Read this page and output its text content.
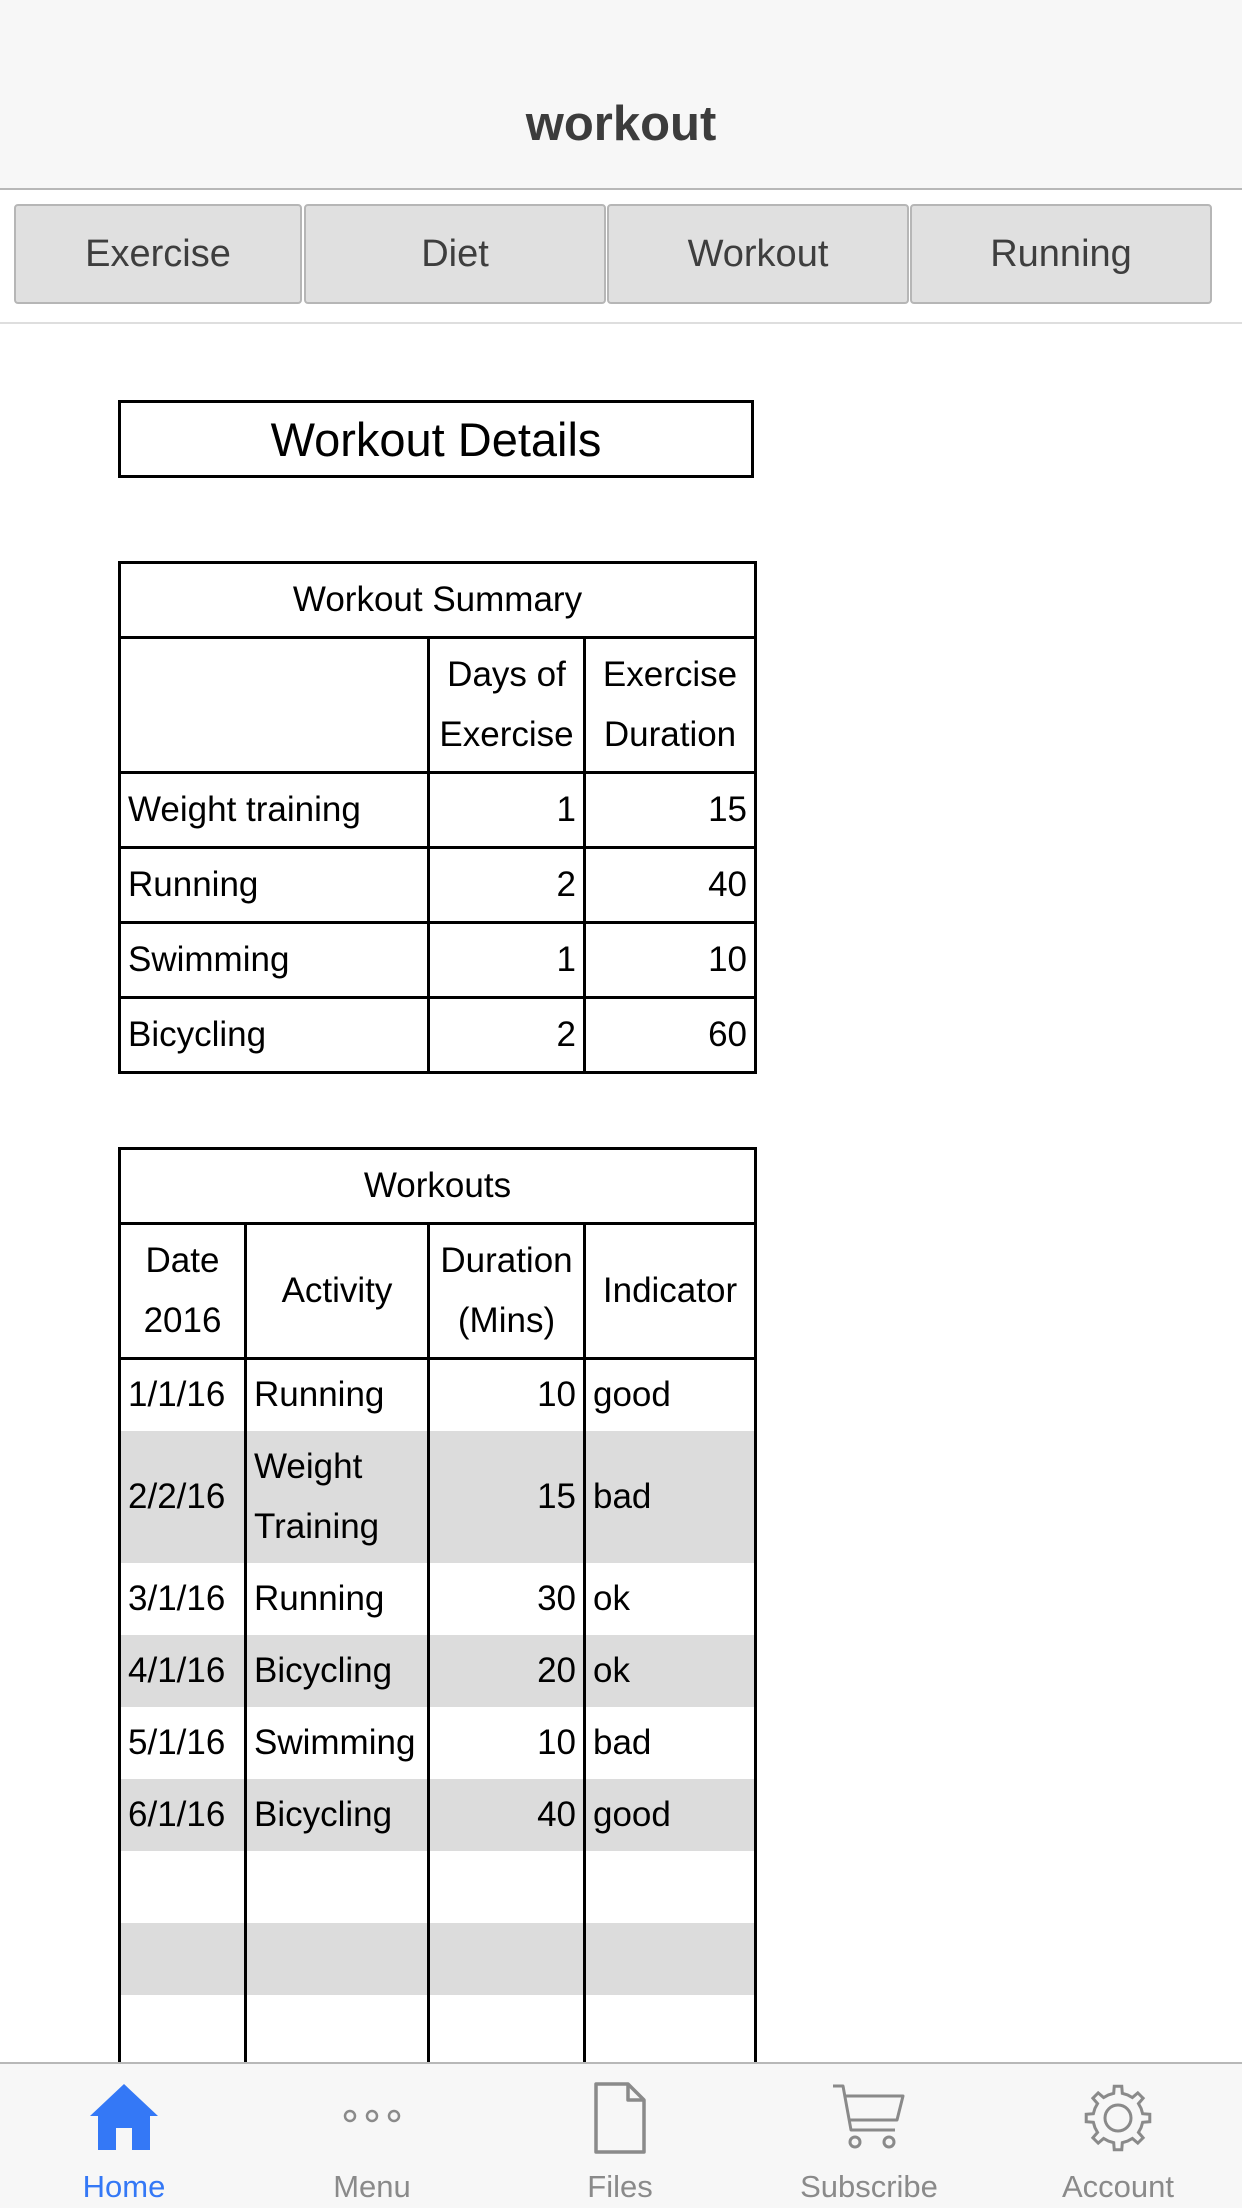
workout
Exercise	Diet	Workout	Running
Workout Details
Workout Summary		
	Days of Exercise	Exercise Duration
Weight training	1	15
Running	2	40
Swimming	1	10
Bicycling	2	60
Workouts			
Date 2016	Activity	Duration (Mins)	Indicator
1/1/16	Running	10	good
2/2/16	Weight Training	15	bad
3/1/16	Running	30	ok
4/1/16	Bicycling	20	ok
5/1/16	Swimming	10	bad
6/1/16	Bicycling	40	good

Home	Menu	Files	Subscribe	Account
